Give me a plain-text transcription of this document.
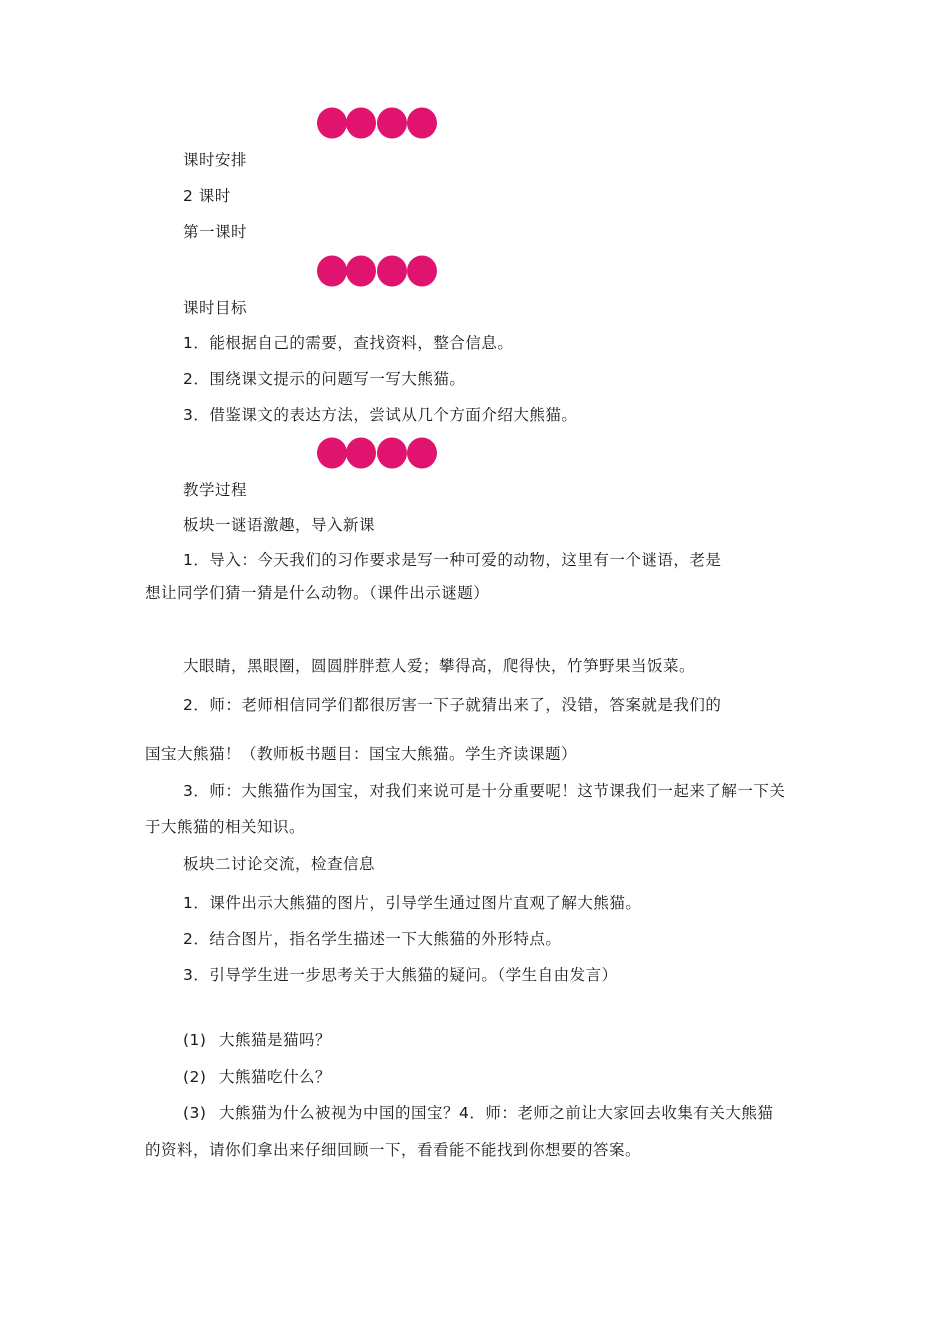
课时安排
2 课时
第一课时
课时目标
1．能根据自己的需要，查找资料，整合信息。
2．围绕课文提示的问题写一写大熊猫。
3．借鉴课文的表达方法，尝试从几个方面介绍大熊猫。
教学过程
板块一谜语激趣，导入新课
1．导入：今天我们的习作要求是写一种可爱的动物，这里有一个谜语，老是
想让同学们猜一猜是什么动物。（课件出示谜题）
大眼睛，黑眼圈，圆圆胖胖惹人爱；攀得高，爬得快，竹笋野果当饭菜。
2．师：老师相信同学们都很厉害一下子就猜出来了，没错，答案就是我们的
国宝大熊猫！（教师板书题目：国宝大熊猫。学生齐读课题）
3．师：大熊猫作为国宝，对我们来说可是十分重要呢！这节课我们一起来了解一下关
于大熊猫的相关知识。
板块二讨论交流，检查信息
1．课件出示大熊猫的图片，引导学生通过图片直观了解大熊猫。
2．结合图片，指名学生描述一下大熊猫的外形特点。
3．引导学生进一步思考关于大熊猫的疑问。（学生自由发言）
(1) 大熊猫是猫吗？
(2) 大熊猫吃什么？
(3) 大熊猫为什么被视为中国的国宝？4．师：老师之前让大家回去收集有关大熊猫
的资料，请你们拿出来仔细回顾一下，看看能不能找到你想要的答案。
